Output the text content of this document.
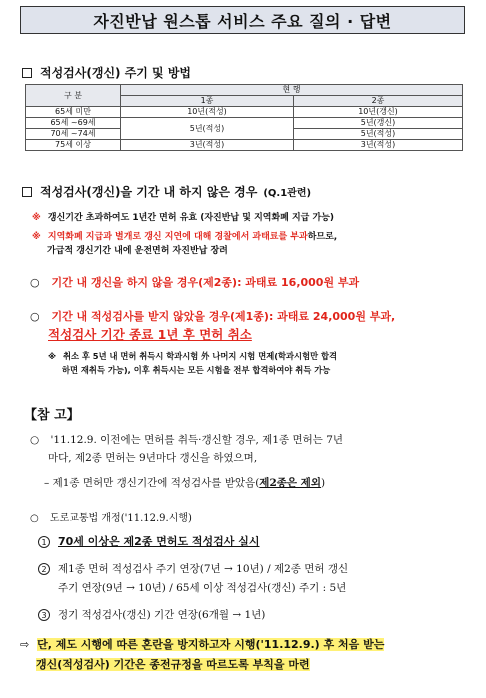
자진반납 원스톱 서비스 주요 질의 · 답변
적성검사(갱신) 주기 및 방법
구 분	현 행	
	1종	2종
65세 미만	10년(적성)	10년(갱신)
65세 ~69세	5년(적성)	5년(갱신)
70세 ~74세		5년(적성)
75세 이상	3년(적성)	3년(적성)
적성검사(갱신)을 기간 내 하지 않은 경우 (Q.1관련)
※ 갱신기간 초과하여도 1년간 면허 유효 (자진반납 및 지역화폐 지급 가능)
※ 지역화폐 지급과 별개로 갱신 지연에 대해 경찰에서 과태료를 부과하므로,
가급적 갱신기간 내에 운전면허 자진반납 장려
○ 기간 내 갱신을 하지 않을 경우(제2종): 과태료 16,000원 부과
○ 기간 내 적성검사를 받지 않았을 경우(제1종): 과태료 24,000원 부과,
적성검사 기간 종료 1년 후 면허 취소
※ 취소 후 5년 내 면허 취득시 학과시험 外 나머지 시험 면제(학과시험만 합격
하면 재취득 가능), 이후 취득시는 모든 시험을 전부 합격하여야 취득 가능
【참 고】
○ '11.12.9. 이전에는 면허를 취득·갱신할 경우, 제1종 면허는 7년
마다, 제2종 면허는 9년마다 갱신을 하였으며,
– 제1종 면허만 갱신기간에 적성검사를 받았음(제2종은 제외)
○ 도로교통법 개정('11.12.9.시행)
1 70세 이상은 제2종 면허도 적성검사 실시
2 제1종 면허 적성검사 주기 연장(7년 → 10년) / 제2종 면허 갱신
주기 연장(9년 → 10년) / 65세 이상 적성검사(갱신) 주기 : 5년
3 정기 적성검사(갱신) 기간 연장(6개월 → 1년)
⇨ 단, 제도 시행에 따른 혼란을 방지하고자 시행('11.12.9.) 후 처음 받는
갱신(적성검사) 기간은 종전규정을 따르도록 부칙을 마련
